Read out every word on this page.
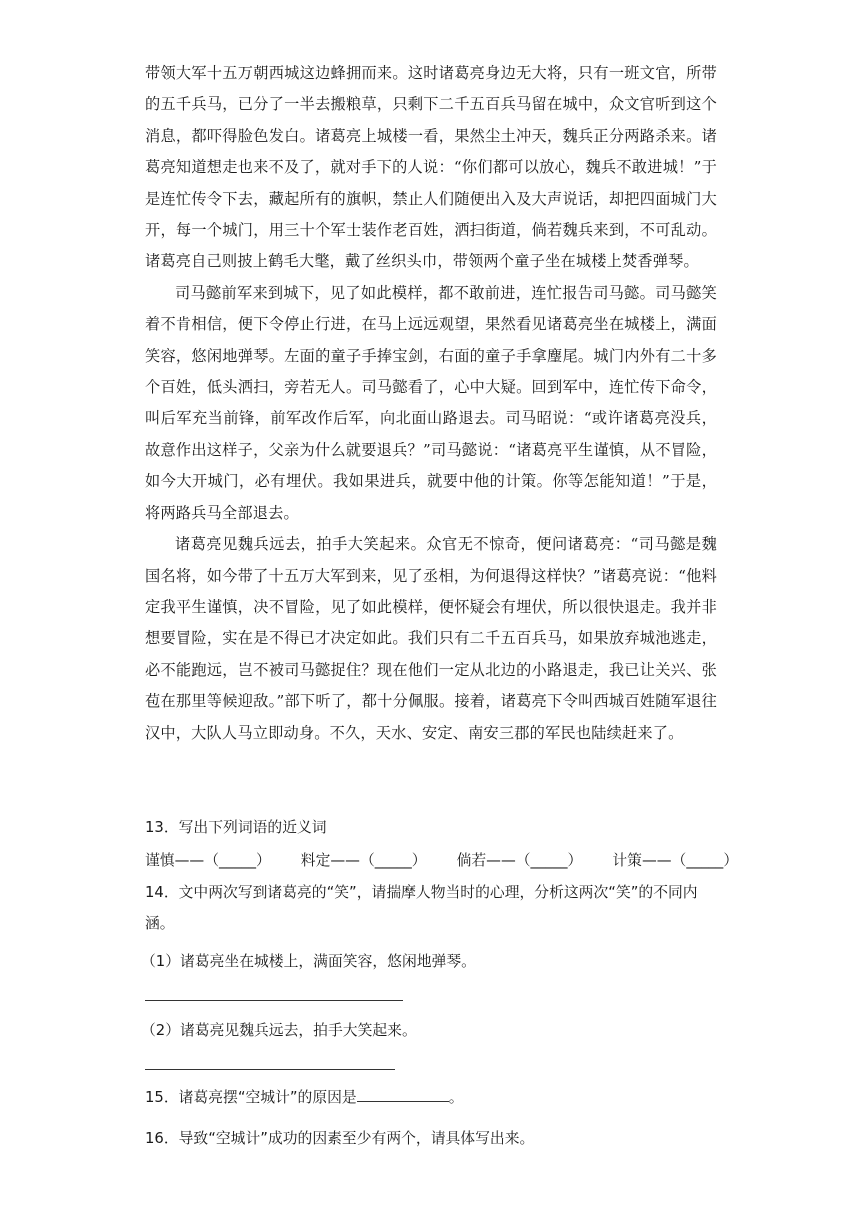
带领大军十五万朝西城这边蜂拥而来。这时诸葛亮身边无大将，只有一班文官，所带的五千兵马，已分了一半去搬粮草，只剩下二千五百兵马留在城中，众文官听到这个消息，都吓得脸色发白。诸葛亮上城楼一看，果然尘土冲天，魏兵正分两路杀来。诸葛亮知道想走也来不及了，就对手下的人说：“你们都可以放心，魏兵不敢进城！”于是连忙传令下去，藏起所有的旗帜，禁止人们随便出入及大声说话，却把四面城门大开，每一个城门，用三十个军士装作老百姓，洒扫街道，倘若魏兵来到，不可乱动。诸葛亮自己则披上鹤毛大氅，戴了丝织头巾，带领两个童子坐在城楼上焚香弹琴。

司马懿前军来到城下，见了如此模样，都不敢前进，连忙报告司马懿。司马懿笑着不肯相信，便下令停止行进，在马上远远观望，果然看见诸葛亮坐在城楼上，满面笑容，悠闲地弹琴。左面的童子手捧宝剑，右面的童子手拿麈尾。城门内外有二十多个百姓，低头洒扫，旁若无人。司马懿看了，心中大疑。回到军中，连忙传下命令，叫后军充当前锋，前军改作后军，向北面山路退去。司马昭说：“或许诸葛亮没兵，故意作出这样子，父亲为什么就要退兵？”司马懿说：“诸葛亮平生谨慎，从不冒险，如今大开城门，必有埋伏。我如果进兵，就要中他的计策。你等怎能知道！”于是，将两路兵马全部退去。

诸葛亮见魏兵远去，拍手大笑起来。众官无不惊奇，便问诸葛亮：“司马懿是魏国名将，如今带了十五万大军到来，见了丞相，为何退得这样快？”诸葛亮说：“他料定我平生谨慎，决不冒险，见了如此模样，便怀疑会有埋伏，所以很快退走。我并非想要冒险，实在是不得已才决定如此。我们只有二千五百兵马，如果放弃城池逃走，必不能跑远，岂不被司马懿捉住？现在他们一定从北边的小路退走，我已让关兴、张苞在那里等候迎敌。”部下听了，都十分佩服。接着，诸葛亮下令叫西城百姓随军退往汉中，大队人马立即动身。不久，天水、安定、南安三郡的军民也陆续赶来了。

13．写出下列词语的近义词

谨慎——（_____） 料定——（_____） 倘若——（_____） 计策——（_____）

14．文中两次写到诸葛亮的“笑”，请揣摩人物当时的心理，分析这两次“笑”的不同内涵。

（1）诸葛亮坐在城楼上，满面笑容，悠闲地弹琴。

（2）诸葛亮见魏兵远去，拍手大笑起来。

15．诸葛亮摆“空城计”的原因是	。

16．导致“空城计”成功的因素至少有两个，请具体写出来。
